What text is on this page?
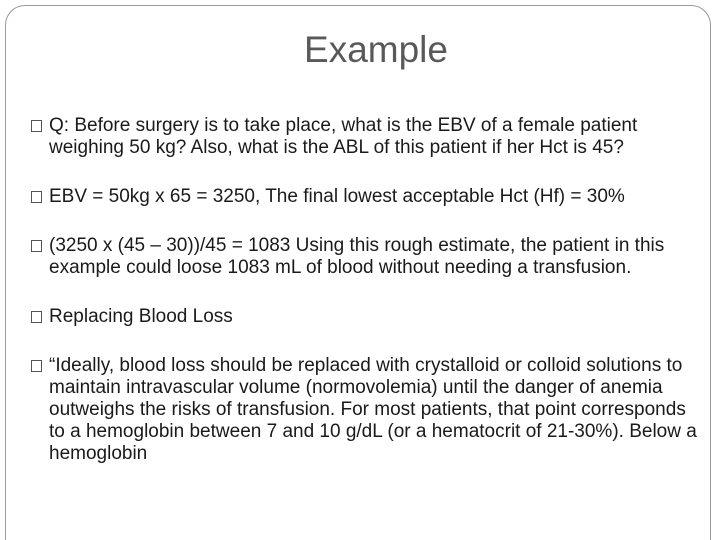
Example
Q: Before surgery is to take place, what is the EBV of a female patient weighing 50 kg? Also, what is the ABL of this patient if her Hct is 45?
EBV = 50kg x 65 = 3250, The final lowest acceptable Hct (Hf) = 30%
(3250 x (45 – 30))/45 = 1083 Using this rough estimate, the patient in this example could loose 1083 mL of blood without needing a transfusion.
Replacing Blood Loss
“Ideally, blood loss should be replaced with crystalloid or colloid solutions to maintain intravascular volume (normovolemia) until the danger of anemia outweighs the risks of transfusion. For most patients, that point corresponds to a hemoglobin between 7 and 10 g/dL (or a hematocrit of 21-30%). Below a hemoglobin
